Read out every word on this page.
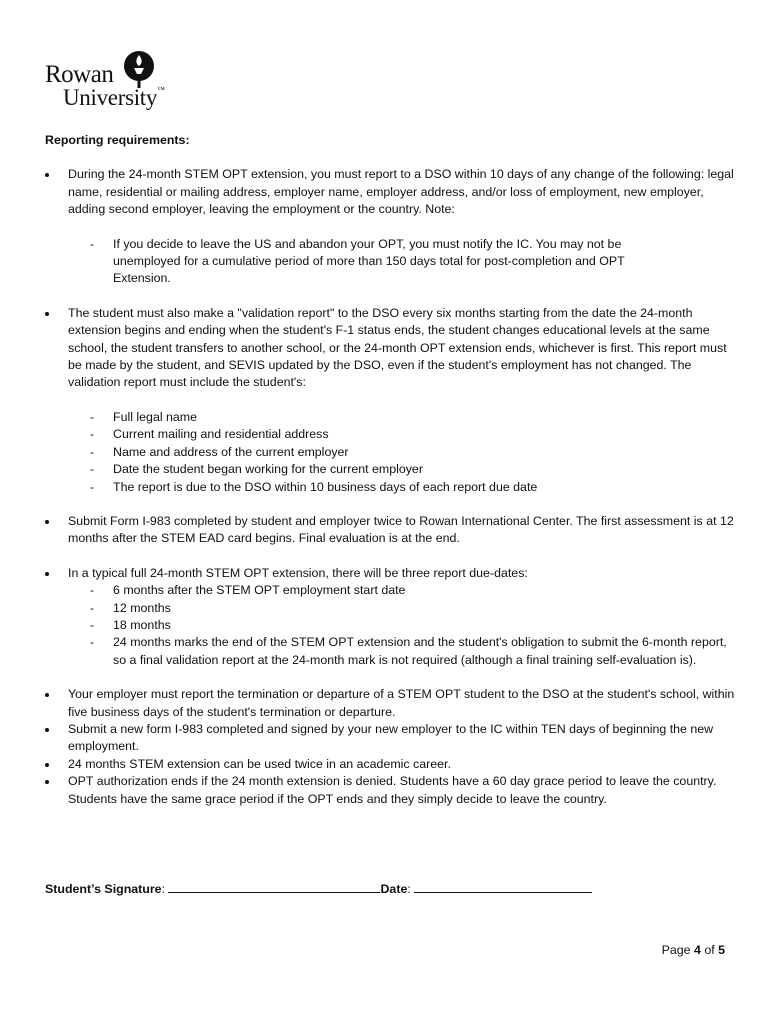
Rowan
University™
Reporting requirements:
During the 24-month STEM OPT extension, you must report to a DSO within 10 days of any change of the following: legal name, residential or mailing address, employer name, employer address, and/or loss of employment, new employer, adding second employer, leaving the employment or the country. Note:
- If you decide to leave the US and abandon your OPT, you must notify the IC. You may not be unemployed for a cumulative period of more than 150 days total for post-completion and OPT Extension.
The student must also make a "validation report" to the DSO every six months starting from the date the 24-month extension begins and ending when the student's F-1 status ends, the student changes educational levels at the same school, the student transfers to another school, or the 24-month OPT extension ends, whichever is first. This report must be made by the student, and SEVIS updated by the DSO, even if the student's employment has not changed. The validation report must include the student's:
- Full legal name
- Current mailing and residential address
- Name and address of the current employer
- Date the student began working for the current employer
- The report is due to the DSO within 10 business days of each report due date
Submit Form I-983 completed by student and employer twice to Rowan International Center. The first assessment is at 12 months after the STEM EAD card begins. Final evaluation is at the end.
In a typical full 24-month STEM OPT extension, there will be three report due-dates:
- 6 months after the STEM OPT employment start date
- 12 months
- 18 months
- 24 months marks the end of the STEM OPT extension and the student's obligation to submit the 6-month report, so a final validation report at the 24-month mark is not required (although a final training self-evaluation is).
Your employer must report the termination or departure of a STEM OPT student to the DSO at the student's school, within five business days of the student's termination or departure.
Submit a new form I-983 completed and signed by your new employer to the IC within TEN days of beginning the new employment.
24 months STEM extension can be used twice in an academic career.
OPT authorization ends if the 24 month extension is denied. Students have a 60 day grace period to leave the country. Students have the same grace period if the OPT ends and they simply decide to leave the country.
Student’s Signature:	Date:
Page 4 of 5
